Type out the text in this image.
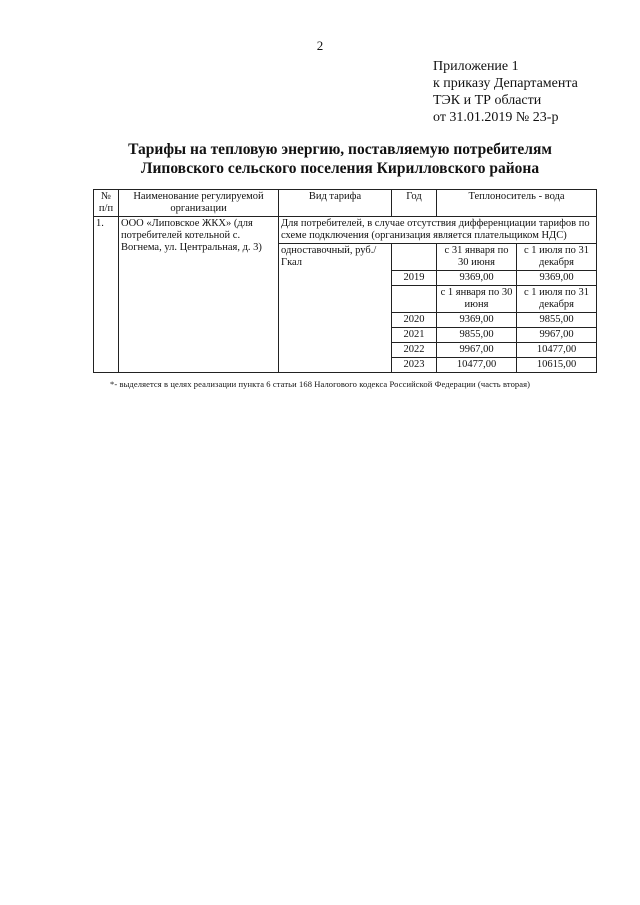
2
Приложение 1
к приказу Департамента
ТЭК и ТР области
от 31.01.2019 № 23-р
Тарифы на тепловую энергию, поставляемую потребителям
Липовского сельского поселения Кирилловского района
№ п/п	Наименование регулируемой организации	Вид тарифа	Год	Теплоноситель - вода	
1.	ООО «Липовское ЖКХ» (для потребителей котельной с. Вогнема, ул. Центральная, д. 3)	Для потребителей, в случае отсутствия дифференциации тарифов по схеме подключения (организация является плательщиком НДС)			
		одноставочный, руб./Гкал		с 31 января по 30 июня	с 1 июля по 31 декабря
			2019	9369,00	9369,00
				с 1 января по 30 июня	с 1 июля по 31 декабря
			2020	9369,00	9855,00
			2021	9855,00	9967,00
			2022	9967,00	10477,00
			2023	10477,00	10615,00
*- выделяется в целях реализации пункта 6 статьи 168 Налогового кодекса Российской Федерации (часть вторая)
